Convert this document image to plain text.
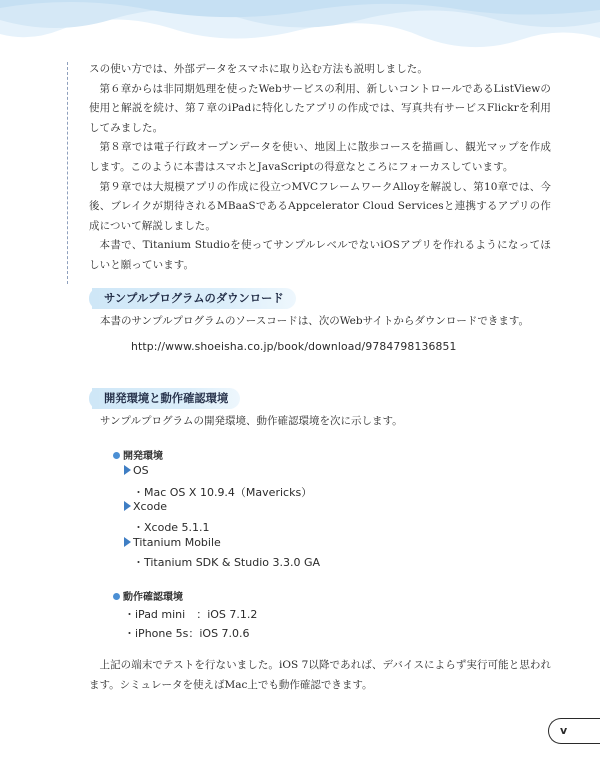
スの使い方では、外部データをスマホに取り込む方法も説明しました。

第６章からは非同期処理を使ったWebサービスの利用、新しいコントロールであるListViewの使用と解説を続け、第７章のiPadに特化したアプリの作成では、写真共有サービスFlickrを利用してみました。

第８章では電子行政オープンデータを使い、地図上に散歩コースを描画し、観光マップを作成します。このように本書はスマホとJavaScriptの得意なところにフォーカスしています。

第９章では大規模アプリの作成に役立つMVCフレームワークAlloyを解説し、第10章では、今後、ブレイクが期待されるMBaaSであるAppcelerator Cloud Servicesと連携するアプリの作成について解説しました。

本書で、Titanium Studioを使ってサンプルレベルでないiOSアプリを作れるようになってほしいと願っています。

サンプルプログラムのダウンロード

本書のサンプルプログラムのソースコードは、次のWebサイトからダウンロードできます。

http://www.shoeisha.co.jp/book/download/9784798136851
開発環境と動作確認環境

サンプルプログラムの開発環境、動作確認環境を次に示します。

開発環境
OS
・Mac OS X 10.9.4（Mavericks）
Xcode
・Xcode 5.1.1
Titanium Mobile
・Titanium SDK & Studio 3.3.0 GA
動作確認環境
・iPad mini　：iOS 7.1.2
・iPhone 5s：iOS 7.0.6

上記の端末でテストを行ないました。iOS 7以降であれば、デバイスによらず実行可能と思われます。シミュレータを使えばMac上でも動作確認できます。

v
